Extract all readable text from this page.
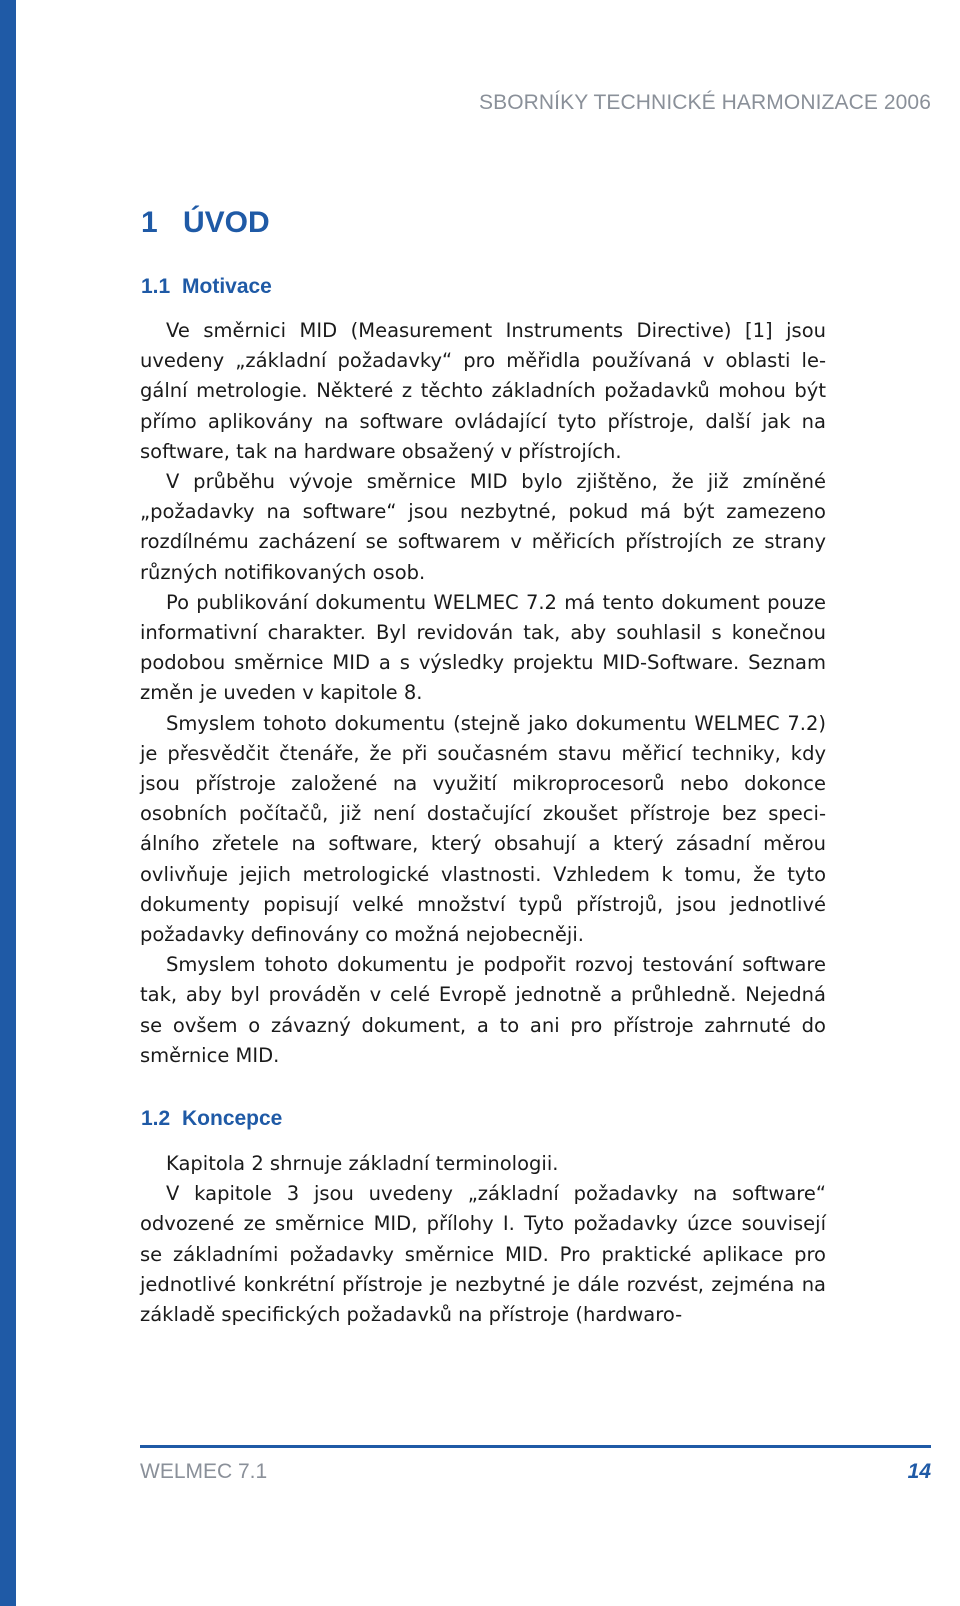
SBORNÍKY TECHNICKÉ HARMONIZACE 2006
1 ÚVOD
1.1 Motivace

Ve směrnici MID (Measurement Instruments Directive) [1] jsou uvedeny „základní požadavky“ pro měřidla používaná v oblasti legální metrologie. Některé z těchto základních požadavků mohou být přímo aplikovány na software ovládající tyto přístroje, další jak na software, tak na hardware obsažený v přístrojích.

V průběhu vývoje směrnice MID bylo zjištěno, že již zmíněné „požadavky na software“ jsou nezbytné, pokud má být zamezeno rozdílnému zacházení se softwarem v měřicích přístrojích ze strany různých notifikovaných osob.

Po publikování dokumentu WELMEC 7.2 má tento dokument pouze informativní charakter. Byl revidován tak, aby souhlasil s konečnou podobou směrnice MID a s výsledky projektu MID-Software. Seznam změn je uveden v kapitole 8.

Smyslem tohoto dokumentu (stejně jako dokumentu WELMEC 7.2) je přesvědčit čtenáře, že při současném stavu měřicí techniky, kdy jsou přístroje založené na využití mikroprocesorů nebo dokonce osobních počítačů, již není dostačující zkoušet přístroje bez speciálního zřetele na software, který obsahují a který zásadní měrou ovlivňuje jejich metrologické vlastnosti. Vzhledem k tomu, že tyto dokumenty popisují velké množství typů přístrojů, jsou jednotlivé požadavky definovány co možná nejobecněji.

Smyslem tohoto dokumentu je podpořit rozvoj testování software tak, aby byl prováděn v celé Evropě jednotně a průhledně. Nejedná se ovšem o závazný dokument, a to ani pro přístroje zahrnuté do směrnice MID.

1.2 Koncepce

Kapitola 2 shrnuje základní terminologii.

V kapitole 3 jsou uvedeny „základní požadavky na software“ odvozené ze směrnice MID, přílohy I. Tyto požadavky úzce souvisejí se základními požadavky směrnice MID. Pro praktické aplikace pro jednotlivé konkrétní přístroje je nezbytné je dále rozvést, zejména na základě specifických požadavků na přístroje (hardwaro-

WELMEC 7.1	14
